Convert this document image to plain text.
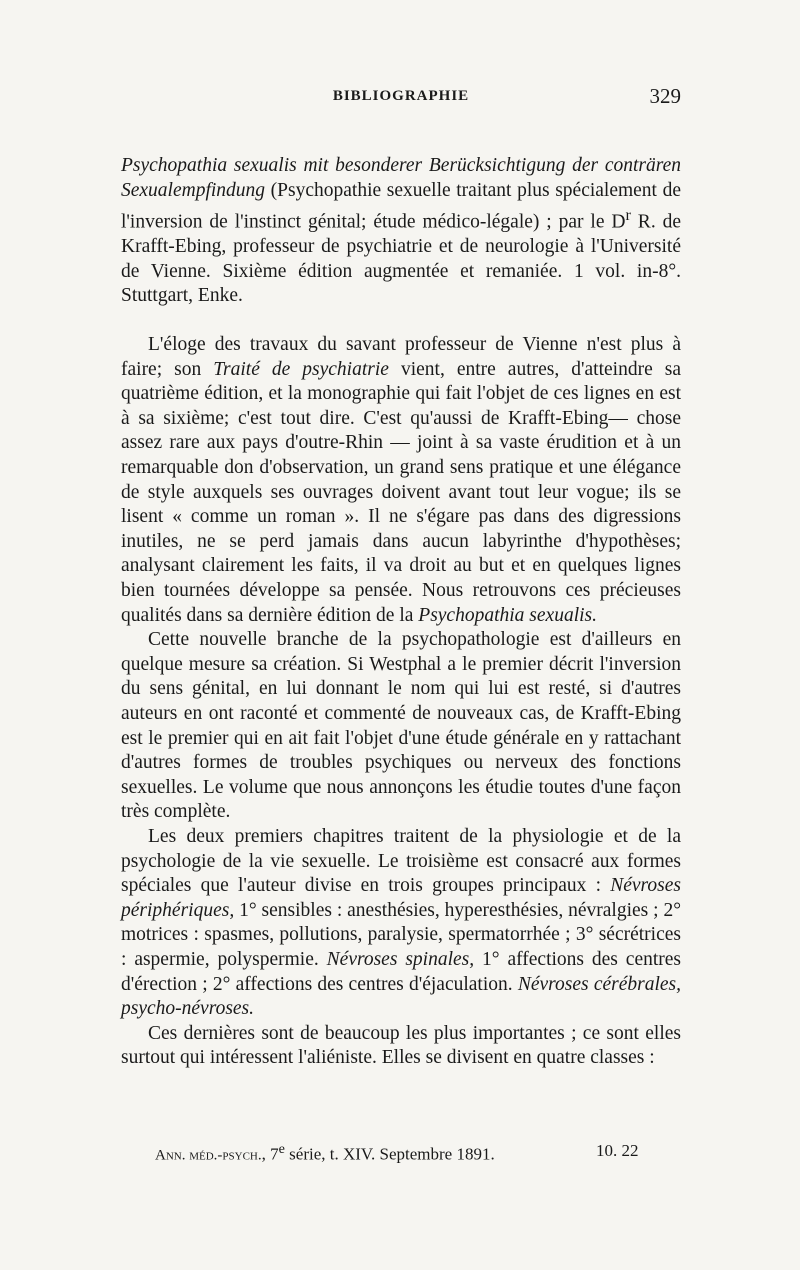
BIBLIOGRAPHIE	329

Psychopathia sexualis mit besonderer Berücksichtigung der conträren Sexualempfindung (Psychopathie sexuelle traitant plus spécialement de l'inversion de l'instinct génital; étude médico-légale) ; par le $D^r$ R. de Krafft-Ebing, professeur de psychiatrie et de neurologie à l'Université de Vienne. Sixième édition augmentée et remaniée. 1 vol. in-8°. Stuttgart, Enke.

L'éloge des travaux du savant professeur de Vienne n'est plus à faire; son Traité de psychiatrie vient, entre autres, d'atteindre sa quatrième édition, et la monographie qui fait l'objet de ces lignes en est à sa sixième; c'est tout dire. C'est qu'aussi de Krafft-Ebing— chose assez rare aux pays d'outre-Rhin — joint à sa vaste érudition et à un remarquable don d'observation, un grand sens pratique et une élégance de style auxquels ses ouvrages doivent avant tout leur vogue; ils se lisent « comme un roman ». Il ne s'égare pas dans des digressions inutiles, ne se perd jamais dans aucun labyrinthe d'hypothèses; analysant clairement les faits, il va droit au but et en quelques lignes bien tournées développe sa pensée. Nous retrouvons ces précieuses qualités dans sa dernière édition de la Psychopathia sexualis.

Cette nouvelle branche de la psychopathologie est d'ailleurs en quelque mesure sa création. Si Westphal a le premier décrit l'inversion du sens génital, en lui donnant le nom qui lui est resté, si d'autres auteurs en ont raconté et commenté de nouveaux cas, de Krafft-Ebing est le premier qui en ait fait l'objet d'une étude générale en y rattachant d'autres formes de troubles psychiques ou nerveux des fonctions sexuelles. Le volume que nous annonçons les étudie toutes d'une façon très complète.

Les deux premiers chapitres traitent de la physiologie et de la psychologie de la vie sexuelle. Le troisième est consacré aux formes spéciales que l'auteur divise en trois groupes principaux : Névroses périphériques, 1° sensibles : anesthésies, hyperesthésies, névralgies ; 2° motrices : spasmes, pollutions, paralysie, spermatorrhée ; 3° sécrétrices : aspermie, polyspermie. Névroses spinales, 1° affections des centres d'érection ; 2° affections des centres d'éjaculation. Névroses cérébrales, psycho-névroses.

Ces dernières sont de beaucoup les plus importantes ; ce sont elles surtout qui intéressent l'aliéniste. Elles se divisent en quatre classes :

Ann. méd.-psych., 7e série, t. XIV. Septembre 1891.	10. 22
